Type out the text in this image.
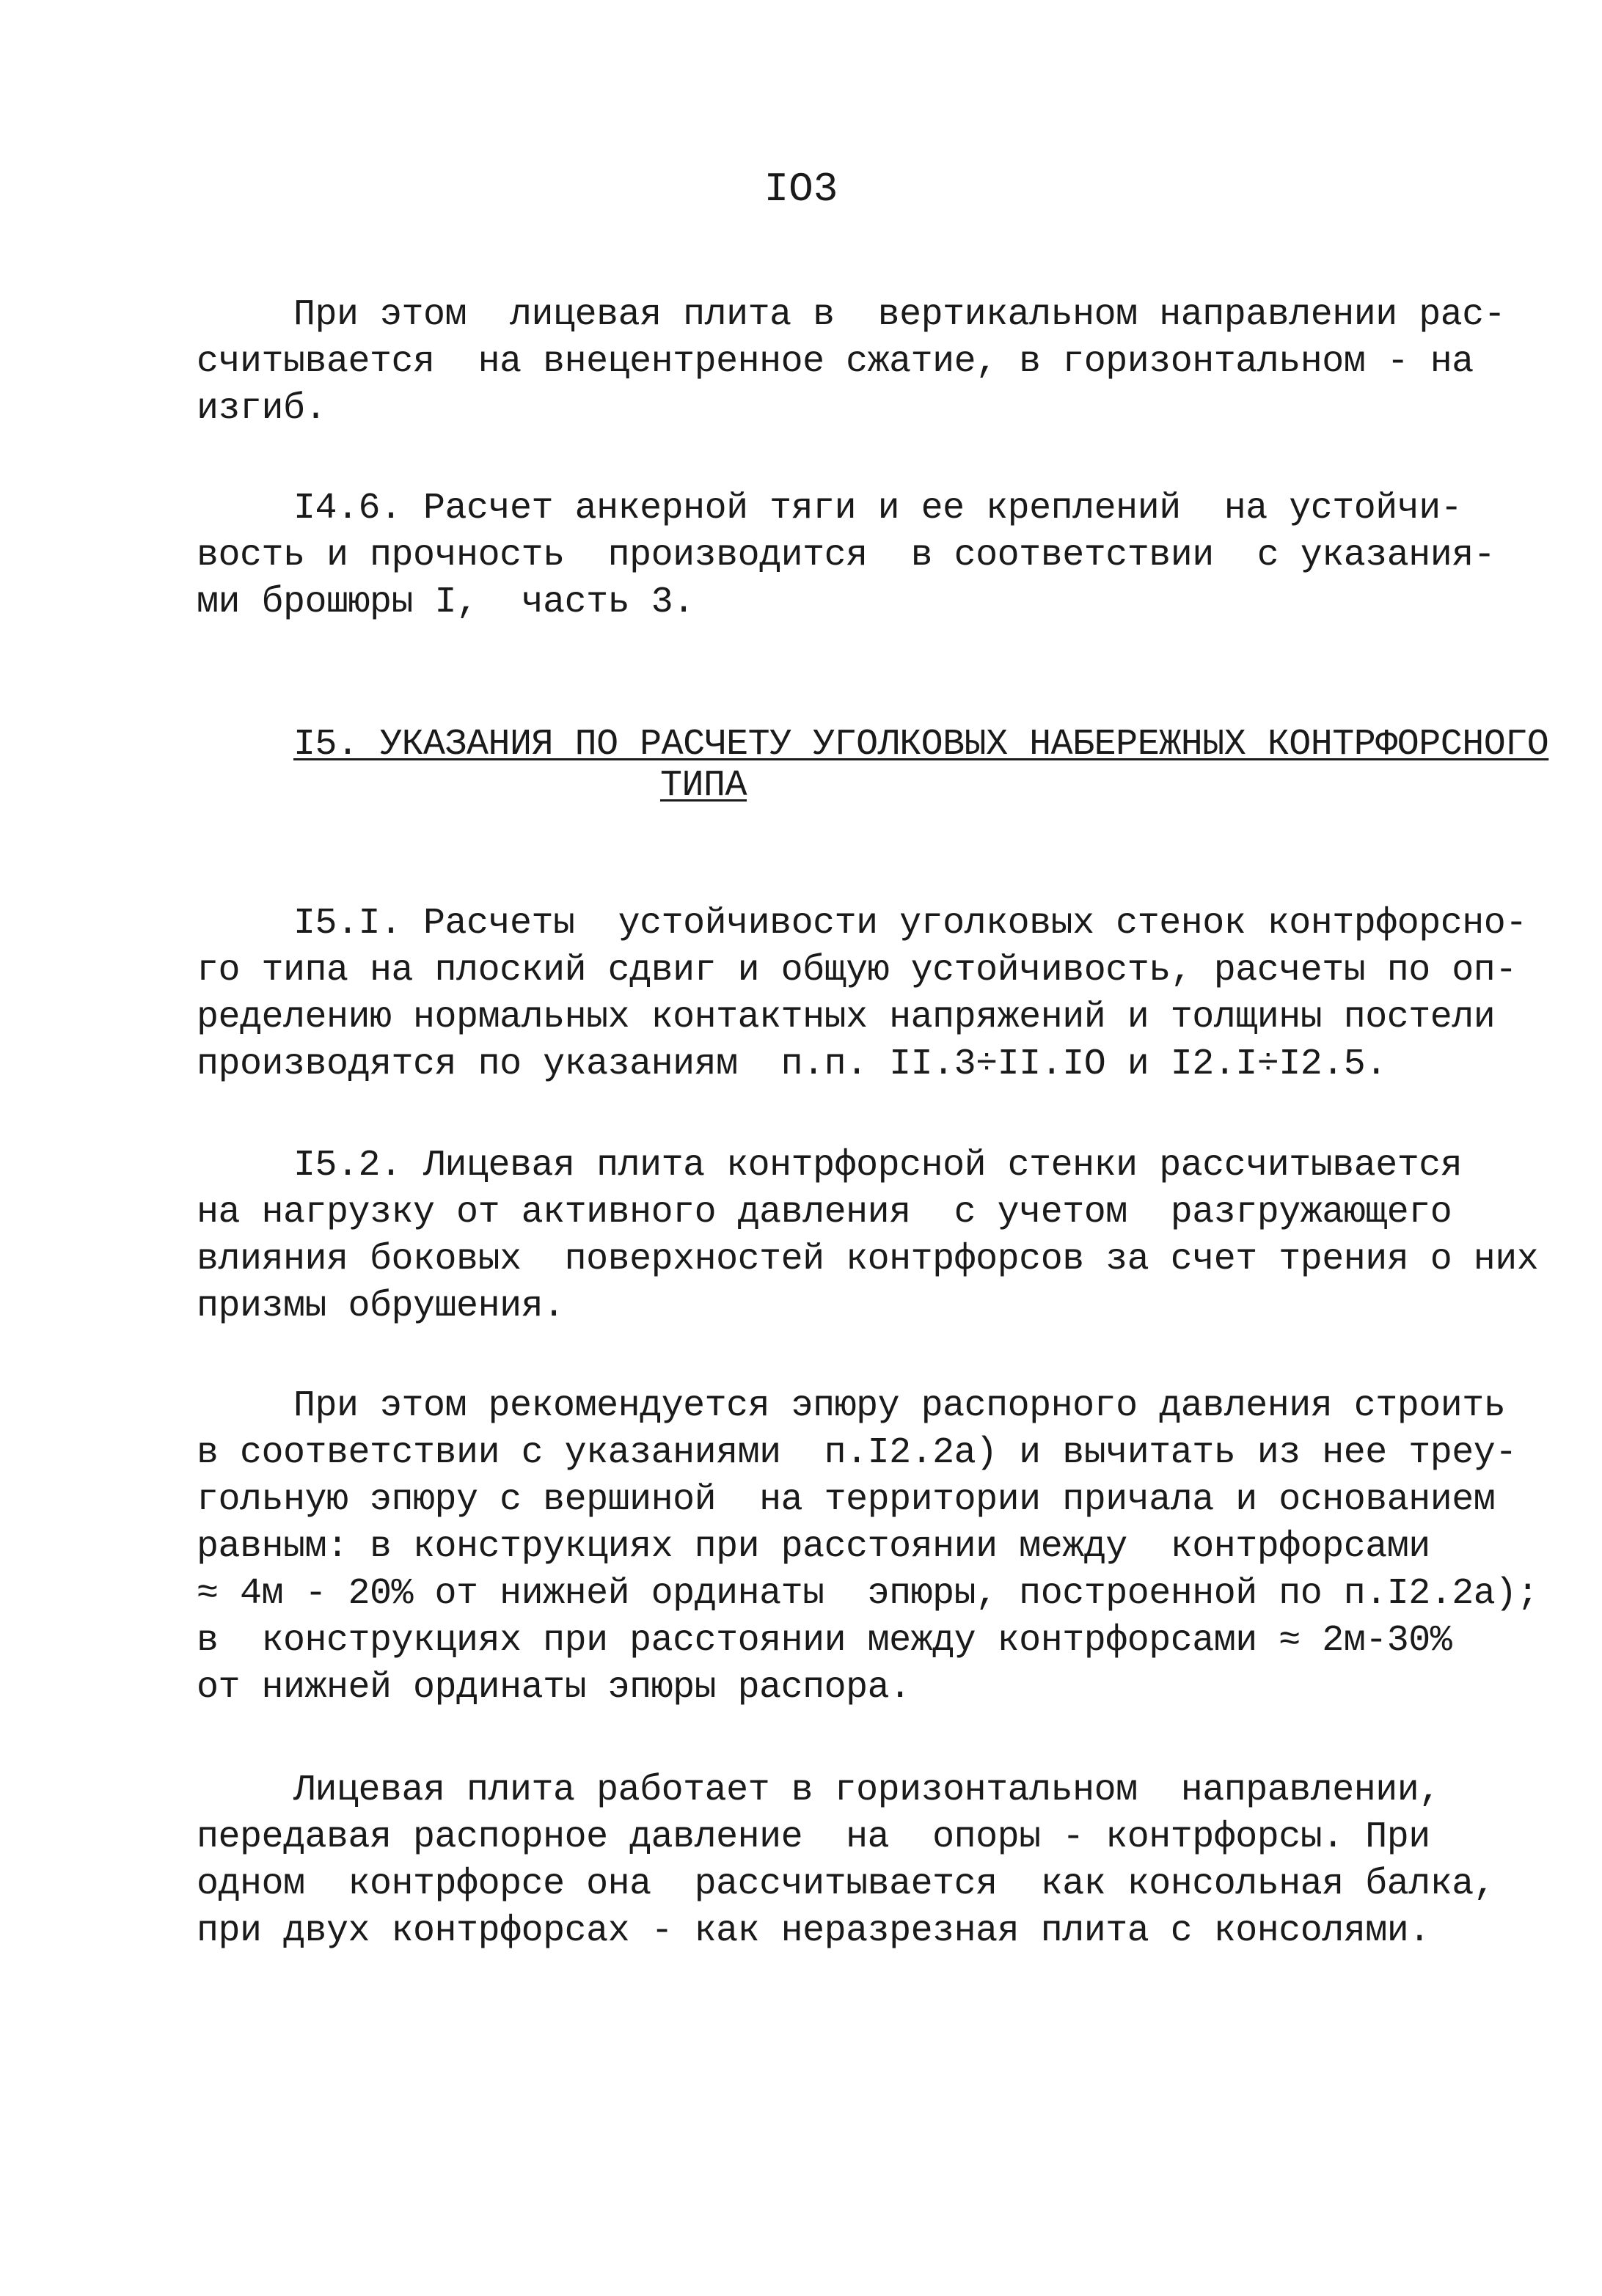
IO3
При этом  лицевая плита в  вертикальном направлении рас-
считывается  на внецентренное сжатие, в горизонтальном - на
изгиб.
I4.6. Расчет анкерной тяги и ее креплений  на устойчи-
вость и прочность  производится  в соответствии  с указания-
ми брошюры I,  часть 3.
I5. УКАЗАНИЯ ПО РАСЧЕТУ УГОЛКОВЫХ НАБЕРЕЖНЫХ КОНТРФОРСНОГО
ТИПА
I5.I. Расчеты  устойчивости уголковых стенок контрфорсно-
го типа на плоский сдвиг и общую устойчивость, расчеты по оп-
ределению нормальных контактных напряжений и толщины постели
производятся по указаниям  п.п. II.3÷II.IO и I2.I÷I2.5.
I5.2. Лицевая плита контрфорсной стенки рассчитывается
на нагрузку от активного давления  с учетом  разгружающего
влияния боковых  поверхностей контрфорсов за счет трения о них
призмы обрушения.
При этом рекомендуется эпюру распорного давления строить
в соответствии с указаниями  п.I2.2а) и вычитать из нее треу-
гольную эпюру с вершиной  на территории причала и основанием
равным: в конструкциях при расстоянии между  контрфорсами
≈ 4м - 20% от нижней ординаты  эпюры, построенной по п.I2.2а);
в  конструкциях при расстоянии между контрфорсами ≈ 2м-30%
от нижней ординаты эпюры распора.
Лицевая плита работает в горизонтальном  направлении,
передавая распорное давление  на  опоры - контрфорсы. При
одном  контрфорсе она  рассчитывается  как консольная балка,
при двух контрфорсах - как неразрезная плита с консолями.
